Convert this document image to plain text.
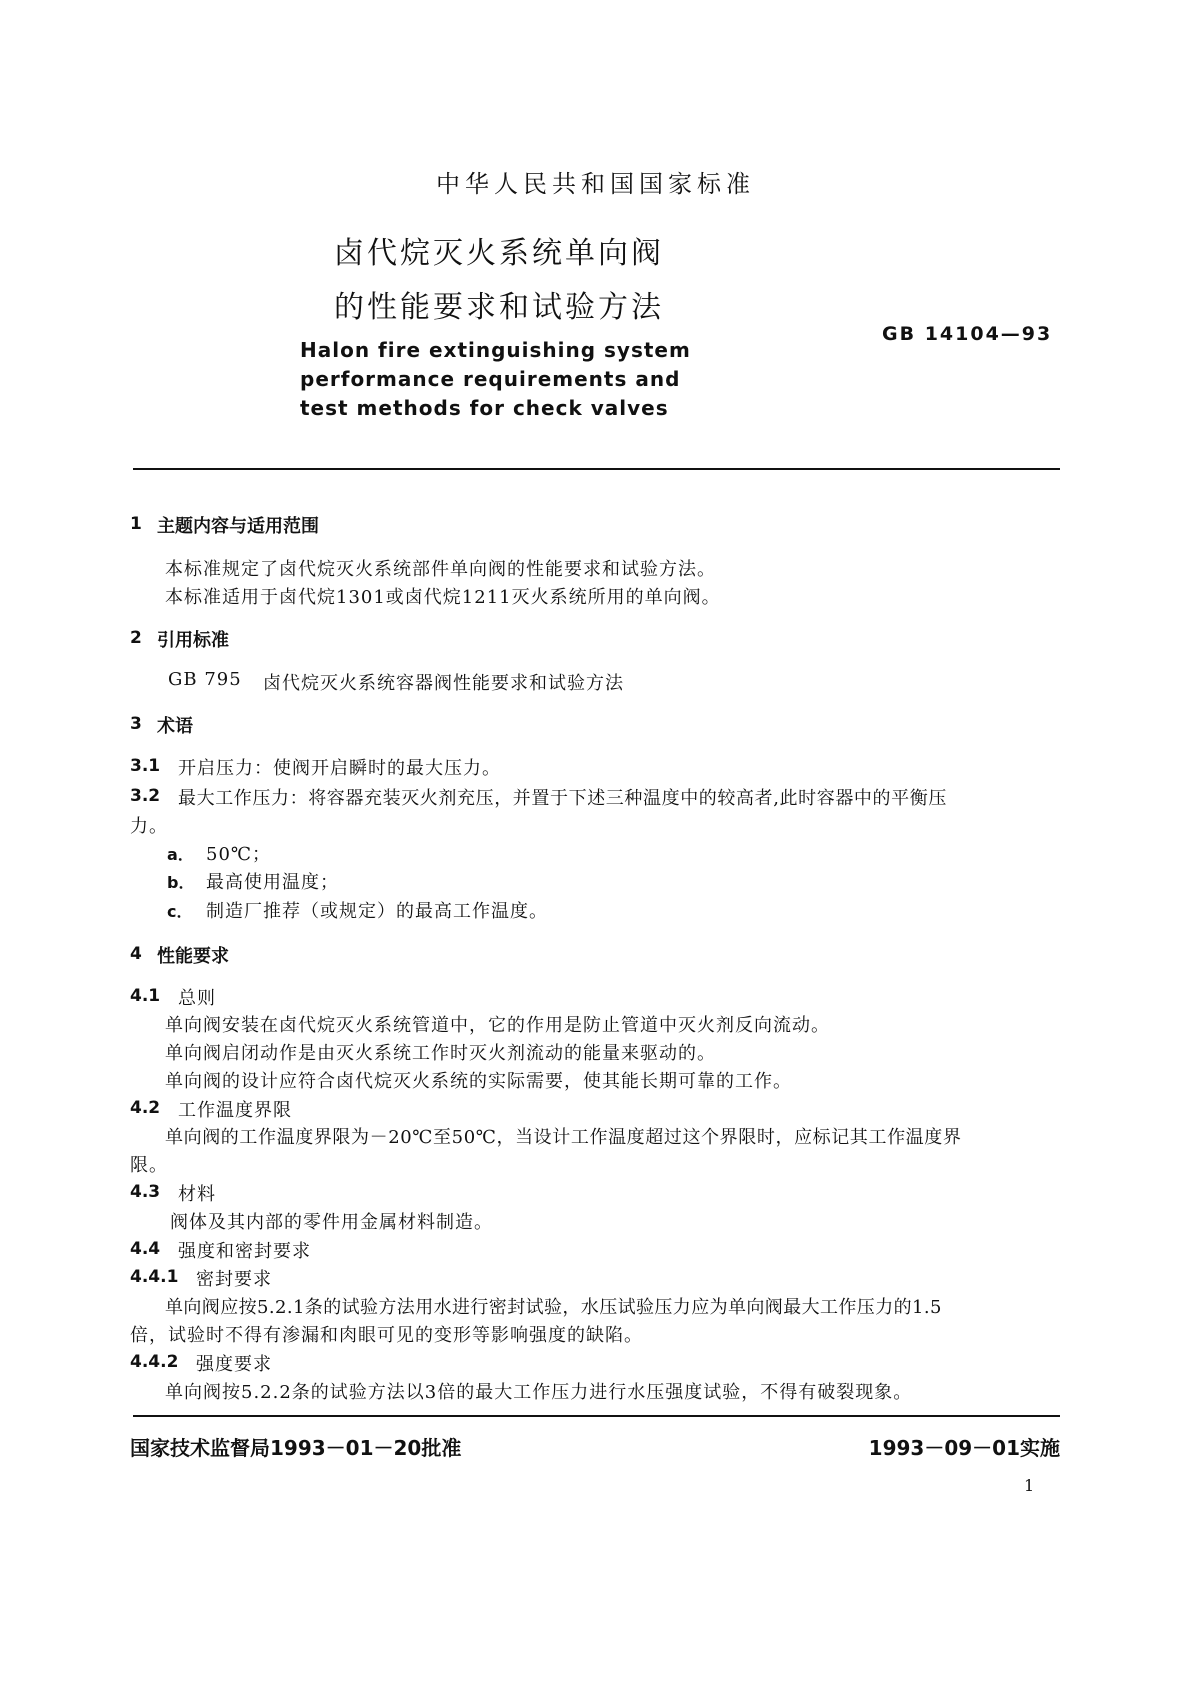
中华人民共和国国家标准
卤代烷灭火系统单向阀
的性能要求和试验方法
GB 14104—93
Halon fire extinguishing system
performance requirements and
test methods for check valves
1 主题内容与适用范围
本标准规定了卤代烷灭火系统部件单向阀的性能要求和试验方法。
本标准适用于卤代烷1301或卤代烷1211灭火系统所用的单向阀。
2 引用标准
GB 795 卤代烷灭火系统容器阀性能要求和试验方法
3 术语
3.1 开启压力：使阀开启瞬时的最大压力。
3.2 最大工作压力：将容器充装灭火剂充压，并置于下述三种温度中的较高者,此时容器中的平衡压
力。
a． 50℃；
b． 最高使用温度；
c． 制造厂推荐（或规定）的最高工作温度。
4 性能要求
4.1 总则
单向阀安装在卤代烷灭火系统管道中，它的作用是防止管道中灭火剂反向流动。
单向阀启闭动作是由灭火系统工作时灭火剂流动的能量来驱动的。
单向阀的设计应符合卤代烷灭火系统的实际需要，使其能长期可靠的工作。
4.2 工作温度界限
单向阀的工作温度界限为－20℃至50℃，当设计工作温度超过这个界限时，应标记其工作温度界
限。
4.3 材料
阀体及其内部的零件用金属材料制造。
4.4 强度和密封要求
4.4.1 密封要求
单向阀应按5.2.1条的试验方法用水进行密封试验，水压试验压力应为单向阀最大工作压力的1.5
倍，试验时不得有渗漏和肉眼可见的变形等影响强度的缺陷。
4.4.2 强度要求
单向阀按5.2.2条的试验方法以3倍的最大工作压力进行水压强度试验，不得有破裂现象。
国家技术监督局1993－01－20批准	1993－09－01实施
1
